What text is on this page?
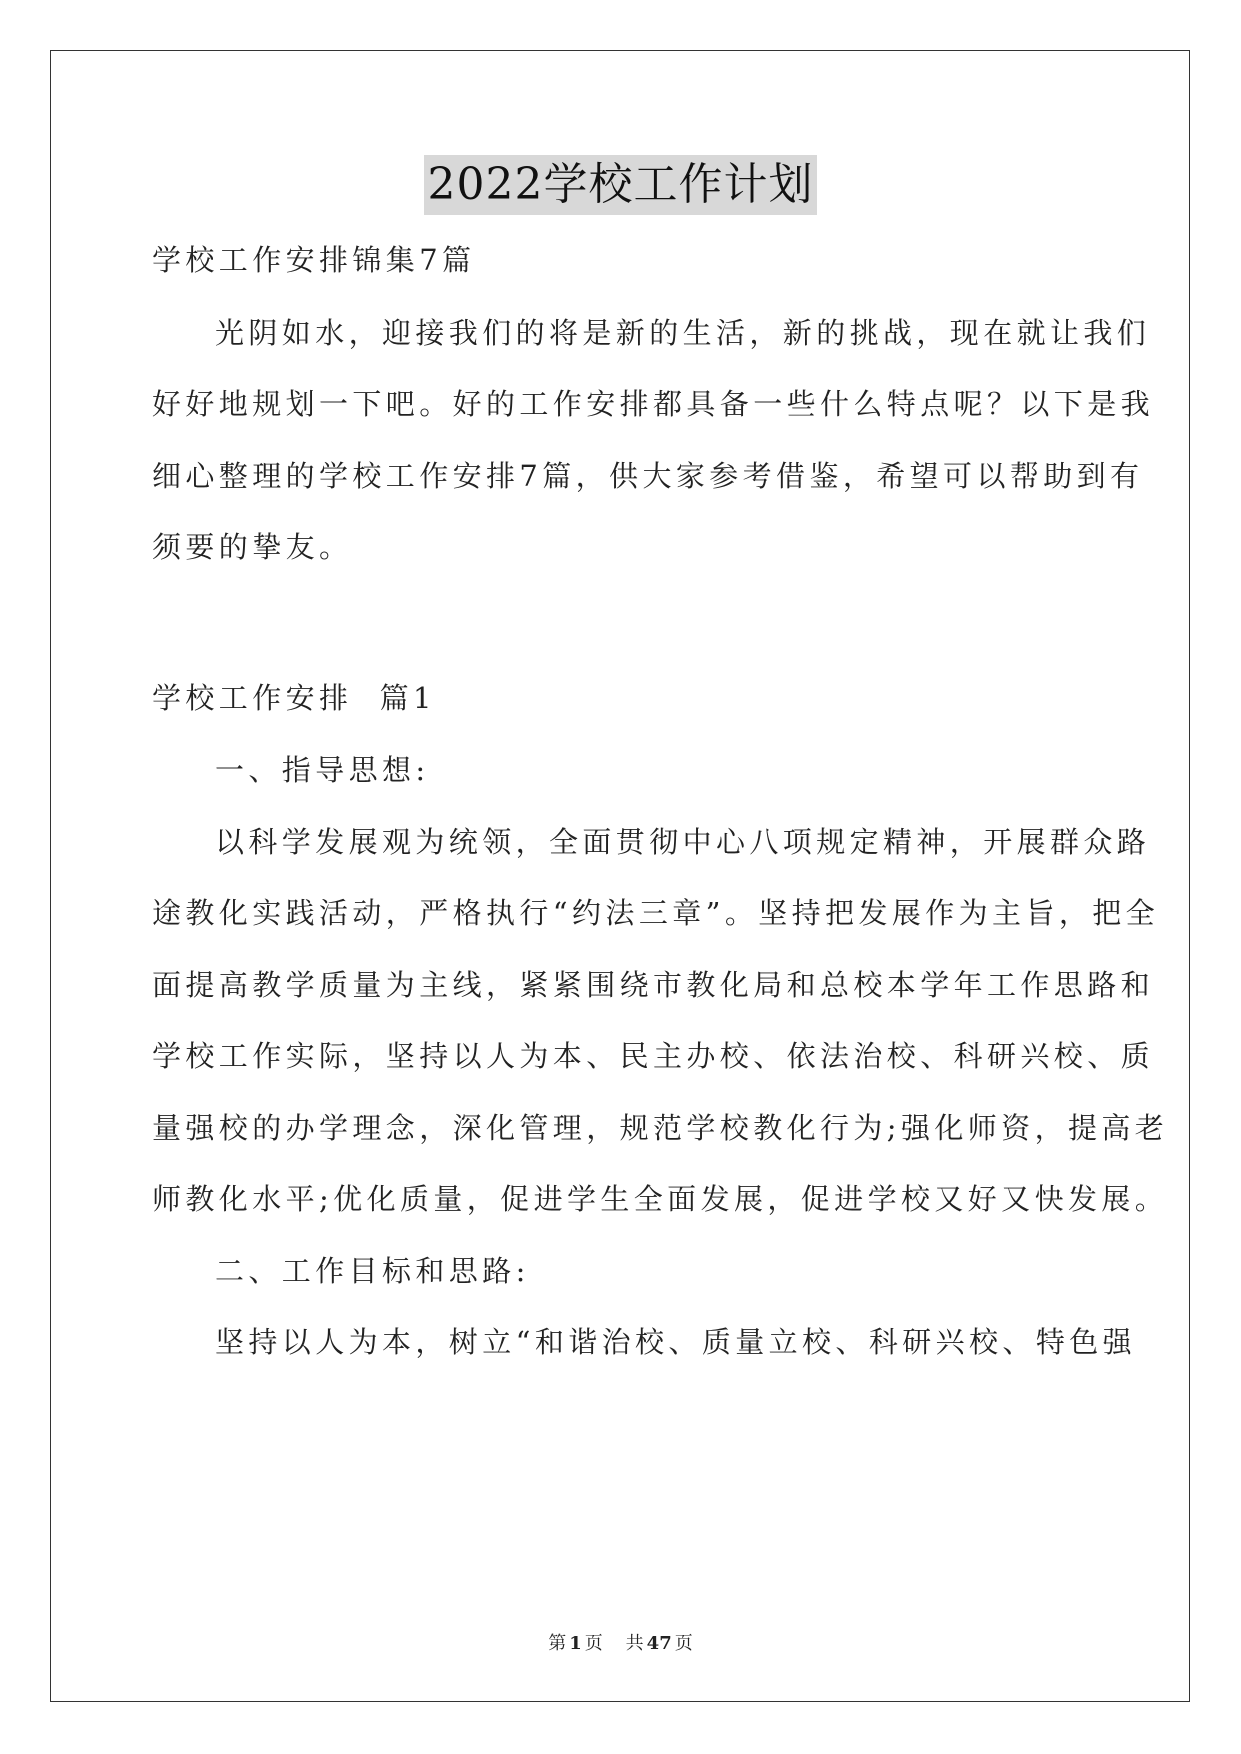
2022学校工作计划

学校工作安排锦集7篇

光阴如水，迎接我们的将是新的生活，新的挑战，现在就让我们

好好地规划一下吧。好的工作安排都具备一些什么特点呢？以下是我

细心整理的学校工作安排7篇，供大家参考借鉴，希望可以帮助到有

须要的挚友。

学校工作安排  篇1

一、指导思想:

以科学发展观为统领，全面贯彻中心八项规定精神，开展群众路

途教化实践活动，严格执行“约法三章”。坚持把发展作为主旨，把全

面提高教学质量为主线，紧紧围绕市教化局和总校本学年工作思路和

学校工作实际，坚持以人为本、民主办校、依法治校、科研兴校、质

量强校的办学理念，深化管理，规范学校教化行为;强化师资，提高老

师教化水平;优化质量，促进学生全面发展，促进学校又好又快发展。

二、工作目标和思路:

坚持以人为本，树立“和谐治校、质量立校、科研兴校、特色强

第 1 页 共 47 页
